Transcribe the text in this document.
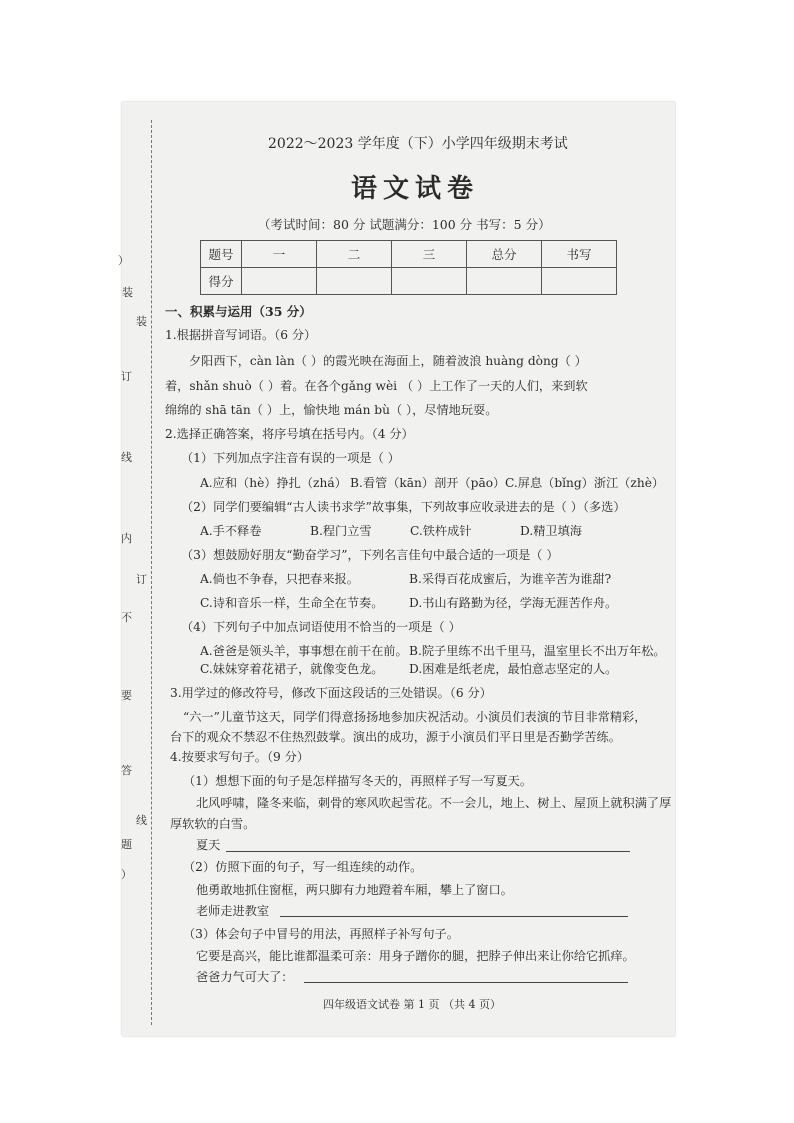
）
装
装
订
线
内
订
不
要
答
线
题
）
2022～2023 学年度（下）小学四年级期末考试
语文试卷
（考试时间：80 分 试题满分：100 分 书写：5 分）
题号	一	二	三	总分	书写
得分					
一、积累与运用（35 分）
1.根据拼音写词语。（6 分）
夕阳西下，càn làn（ ）的霞光映在海面上，随着波浪 huàng dòng（ ）
着，shǎn shuò（ ）着。在各个gǎng wèi （ ）上工作了一天的人们，来到软
绵绵的 shā tān（ ）上，愉快地 mán bù（ ），尽情地玩耍。
2.选择正确答案，将序号填在括号内。（4 分）
（1）下列加点字注音有误的一项是（ ）
A.应和（hè）挣扎（zhá） B.看管（kān）剖开（pāo） C.屏息（bǐng）浙江（zhè）
（2）同学们要编辑“古人读书求学”故事集，下列故事应收录进去的是（ ）（多选）
A.手不释卷	B.程门立雪	C.铁杵成针	D.精卫填海
（3）想鼓励好朋友“勤奋学习”，下列名言佳句中最合适的一项是（ ）
A.倘也不争春，只把春来报。	B.采得百花成蜜后，为谁辛苦为谁甜?
C.诗和音乐一样，生命全在节奏。 D.书山有路勤为径，学海无涯苦作舟。
（4）下列句子中加点词语使用不恰当的一项是（ ）
A.爸爸是领头羊，事事想在前干在前。 B.院子里练不出千里马，温室里长不出万年松。
C.妹妹穿着花裙子，就像变色龙。 D.困难是纸老虎，最怕意志坚定的人。
3.用学过的修改符号，修改下面这段话的三处错误。（6 分）
“六一”儿童节这天，同学们得意扬扬地参加庆祝活动。小演员们表演的节目非常精彩，
台下的观众不禁忍不住热烈鼓掌。演出的成功，源于小演员们平日里是否勤学苦练。
4.按要求写句子。（9 分）
（1）想想下面的句子是怎样描写冬天的，再照样子写一写夏天。
北风呼啸，隆冬来临，刺骨的寒风吹起雪花。不一会儿，地上、树上、屋顶上就积满了厚
厚软软的白雪。
夏天
（2）仿照下面的句子，写一组连续的动作。
他勇敢地抓住窗框，两只脚有力地蹬着车厢，攀上了窗口。
老师走进教室
（3）体会句子中冒号的用法，再照样子补写句子。
它要是高兴，能比谁都温柔可亲：用身子蹭你的腿，把脖子伸出来让你给它抓痒。
爸爸力气可大了：
四年级语文试卷 第 1 页 （共 4 页）
